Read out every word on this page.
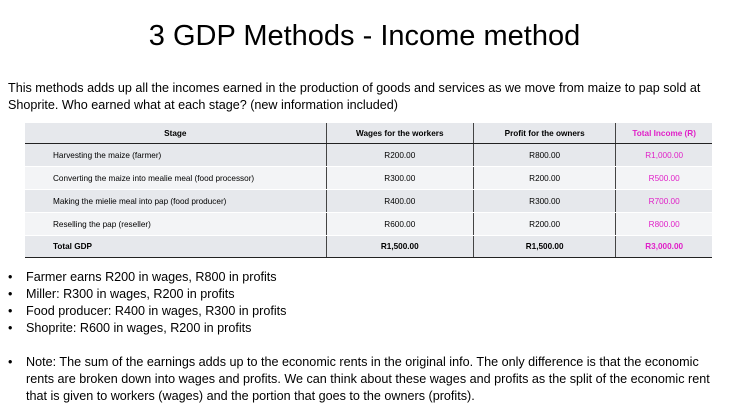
3 GDP Methods - Income method

This methods adds up all the incomes earned in the production of goods and services as we move from maize to pap sold at Shoprite. Who earned what at each stage? (new information included)

Stage	Wages for the workers	Profit for the owners	Total Income (R)
Harvesting the maize (farmer)	R200.00	R800.00	R1,000.00
Converting the maize into mealie meal (food processor)	R300.00	R200.00	R500.00
Making the mielie meal into pap (food producer)	R400.00	R300.00	R700.00
Reselling the pap (reseller)	R600.00	R200.00	R800.00
Total GDP	R1,500.00	R1,500.00	R3,000.00
• Farmer earns R200 in wages, R800 in profits
• Miller: R300 in wages, R200 in profits
• Food producer: R400 in wages, R300 in profits
• Shoprite: R600 in wages, R200 in profits
• Note: The sum of the earnings adds up to the economic rents in the original info. The only difference is that the economic rents are broken down into wages and profits. We can think about these wages and profits as the split of the economic rent that is given to workers (wages) and the portion that goes to the owners (profits).
